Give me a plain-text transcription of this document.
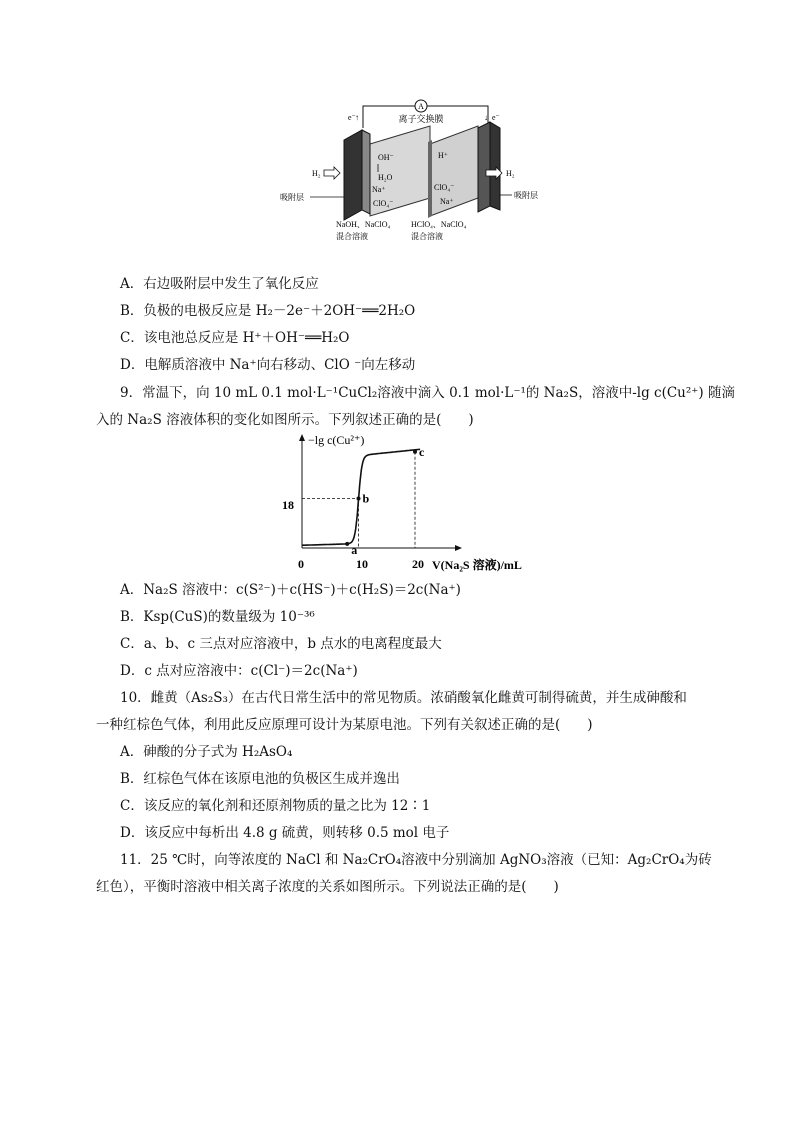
A
e⁻	e⁻
↑	↓
离子交换膜
OH⁻
H₂O
Na⁺
ClO₄⁻
H⁺
ClO₄⁻
Na⁺
H₂	H₂
吸附层	吸附层
NaOH、NaClO₄
混合溶液
HClO₄、NaClO₄
混合溶液
A．右边吸附层中发生了氧化反应
B．负极的电极反应是 H₂－2e⁻＋2OH⁻══2H₂O
C．该电池总反应是 H⁺＋OH⁻══H₂O
D．电解质溶液中 Na⁺向右移动、ClO ⁻向左移动
9．常温下，向 10 mL 0.1 mol·L⁻¹CuCl₂溶液中滴入 0.1 mol·L⁻¹的 Na₂S，溶液中-lg c(Cu²⁺) 随滴
入的 Na₂S 溶液体积的变化如图所示。下列叙述正确的是(　　)
−lg c(Cu²⁺)
V(Na₂S 溶液)/mL
0	10	20
18
a
b
c
A．Na₂S 溶液中：c(S²⁻)＋c(HS⁻)＋c(H₂S)＝2c(Na⁺)
B．Ksp(CuS)的数量级为 10⁻³⁶
C．a、b、c 三点对应溶液中，b 点水的电离程度最大
D．c 点对应溶液中：c(Cl⁻)＝2c(Na⁺)
10．雌黄（As₂S₃）在古代日常生活中的常见物质。浓硝酸氧化雌黄可制得硫黄，并生成砷酸和
一种红棕色气体，利用此反应原理可设计为某原电池。下列有关叙述正确的是(　　)
A．砷酸的分子式为 H₂AsO₄
B．红棕色气体在该原电池的负极区生成并逸出
C．该反应的氧化剂和还原剂物质的量之比为 12∶1
D．该反应中每析出 4.8 g 硫黄，则转移 0.5 mol 电子
11．25 ℃时，向等浓度的 NaCl 和 Na₂CrO₄溶液中分别滴加 AgNO₃溶液（已知：Ag₂CrO₄为砖
红色），平衡时溶液中相关离子浓度的关系如图所示。下列说法正确的是(　　)
